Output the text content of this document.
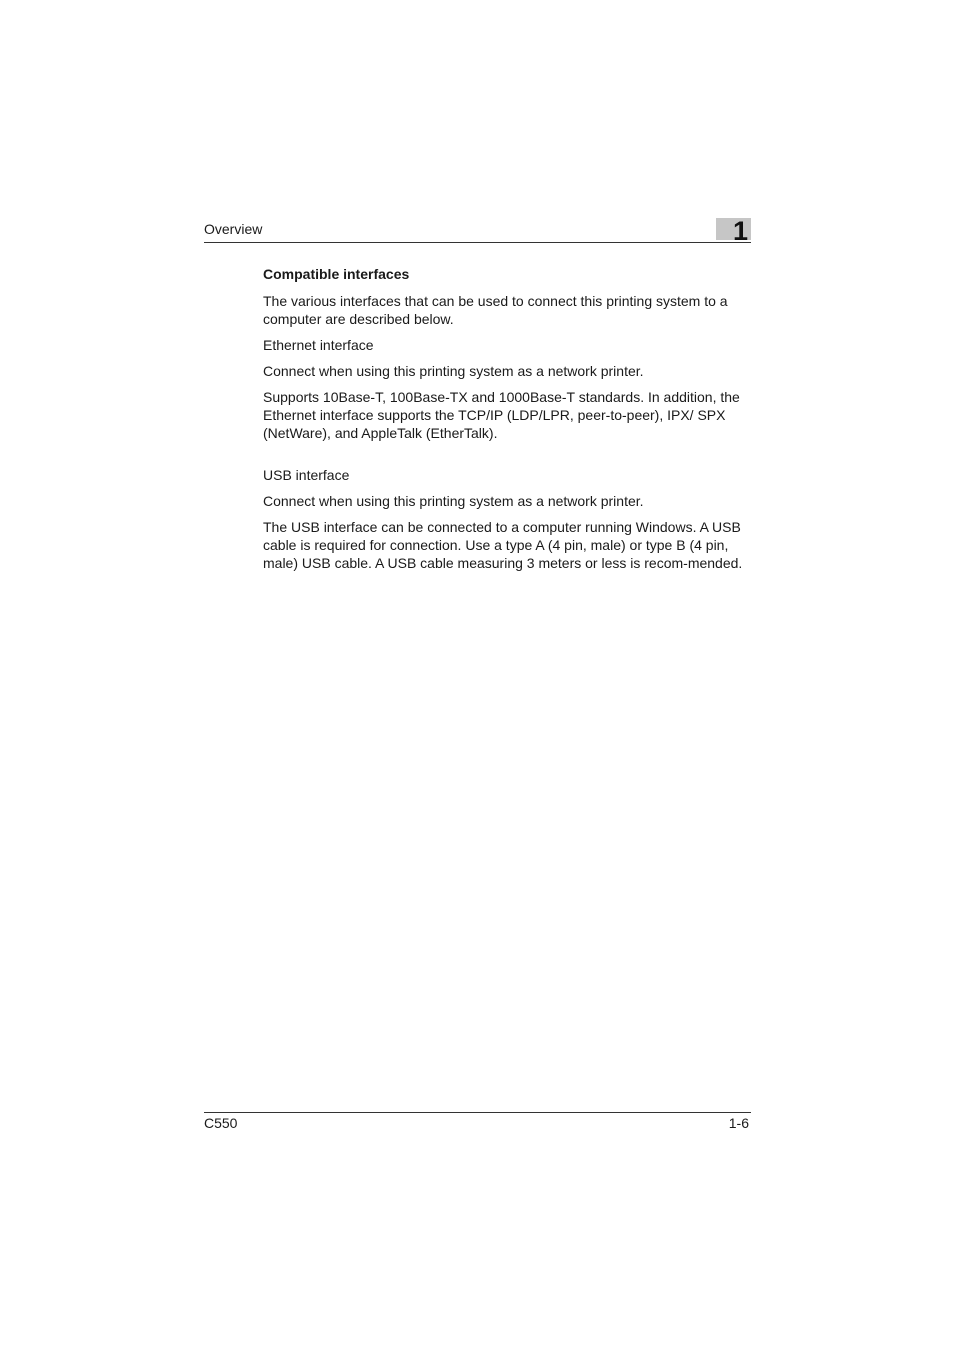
Overview	1

Compatible interfaces

The various interfaces that can be used to connect this printing system to a computer are described below.

Ethernet interface

Connect when using this printing system as a network printer.

Supports 10Base-T, 100Base-TX and 1000Base-T standards. In addition, the Ethernet interface supports the TCP/IP (LDP/LPR, peer-to-peer), IPX/ SPX (NetWare), and AppleTalk (EtherTalk).

USB interface

Connect when using this printing system as a network printer.

The USB interface can be connected to a computer running Windows. A USB cable is required for connection. Use a type A (4 pin, male) or type B (4 pin, male) USB cable. A USB cable measuring 3 meters or less is recom-mended.

C550	1-6
